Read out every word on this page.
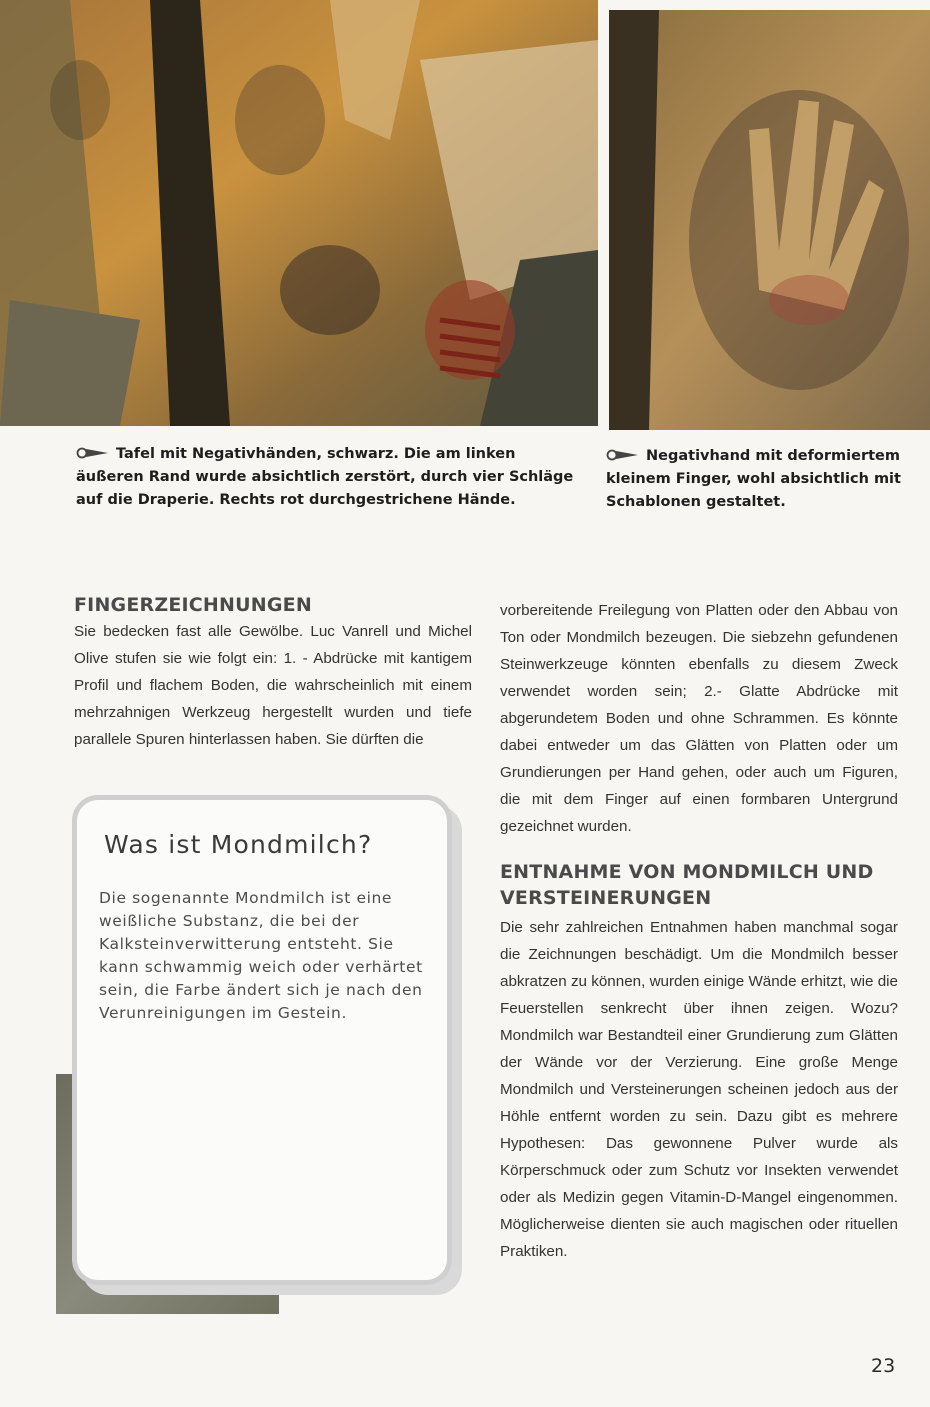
Tafel mit Negativhänden, schwarz. Die am linken äußeren Rand wurde absichtlich zerstört, durch vier Schläge auf die Draperie. Rechts rot durchgestrichene Hände.

Negativhand mit deformiertem kleinem Finger, wohl absichtlich mit Schablonen gestaltet.

FINGERZEICHNUNGEN

Sie bedecken fast alle Gewölbe. Luc Vanrell und Michel Olive stufen sie wie folgt ein: 1. - Abdrücke mit kantigem Profil und flachem Boden, die wahrscheinlich mit einem mehrzahnigen Werkzeug hergestellt wurden und tiefe parallele Spuren hinterlassen haben. Sie dürften die

Was ist Mondmilch?

Die sogenannte Mondmilch ist eine weißliche Substanz, die bei der Kalksteinverwitterung entsteht. Sie kann schwammig weich oder verhärtet sein, die Farbe ändert sich je nach den Verunreinigungen im Gestein.

vorbereitende Freilegung von Platten oder den Abbau von Ton oder Mondmilch bezeugen. Die siebzehn gefundenen Steinwerkzeuge könnten ebenfalls zu diesem Zweck verwendet worden sein; 2.- Glatte Abdrücke mit abgerundetem Boden und ohne Schrammen. Es könnte dabei entweder um das Glätten von Platten oder um Grundierungen per Hand gehen, oder auch um Figuren, die mit dem Finger auf einen formbaren Untergrund gezeichnet wurden.

ENTNAHME VON MONDMILCH UND VERSTEINERUNGEN

Die sehr zahlreichen Entnahmen haben manchmal sogar die Zeichnungen beschädigt. Um die Mondmilch besser abkratzen zu können, wurden einige Wände erhitzt, wie die Feuerstellen senkrecht über ihnen zeigen. Wozu? Mondmilch war Bestandteil einer Grundierung zum Glätten der Wände vor der Verzierung. Eine große Menge Mondmilch und Versteinerungen scheinen jedoch aus der Höhle entfernt worden zu sein. Dazu gibt es mehrere Hypothesen: Das gewonnene Pulver wurde als Körperschmuck oder zum Schutz vor Insekten verwendet oder als Medizin gegen Vitamin-D-Mangel eingenommen. Möglicherweise dienten sie auch magischen oder rituellen Praktiken.

23
